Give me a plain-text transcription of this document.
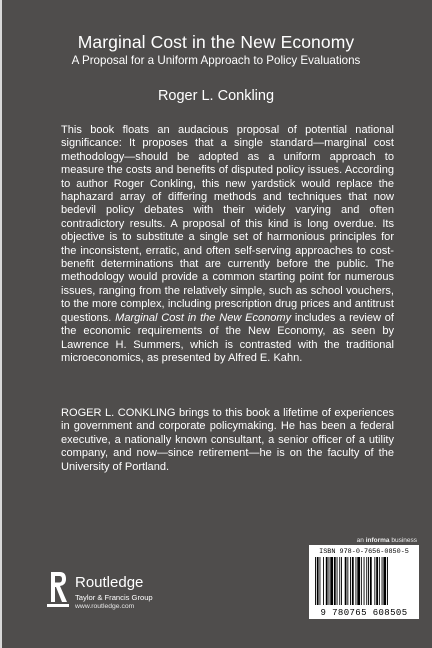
Marginal Cost in the New Economy
A Proposal for a Uniform Approach to Policy Evaluations
Roger L. Conkling
This book floats an audacious proposal of potential national significance: It proposes that a single standard—marginal cost methodology—should be adopted as a uniform approach to measure the costs and benefits of disputed policy issues. According to author Roger Conkling, this new yardstick would replace the haphazard array of differing methods and techniques that now bedevil policy debates with their widely varying and often contradictory results. A proposal of this kind is long overdue. Its objective is to substitute a single set of harmonious principles for the inconsistent, erratic, and often self-serving approaches to cost-benefit determinations that are currently before the public. The methodology would provide a common starting point for numerous issues, ranging from the relatively simple, such as school vouchers, to the more complex, including prescription drug prices and antitrust questions. Marginal Cost in the New Economy includes a review of the economic requirements of the New Economy, as seen by Lawrence H. Summers, which is contrasted with the traditional microeconomics, as presented by Alfred E. Kahn.
ROGER L. CONKLING brings to this book a lifetime of experiences in government and corporate policymaking. He has been a federal executive, a nationally known consultant, a senior officer of a utility company, and now—since retirement—he is on the faculty of the University of Portland.
Routledge
Taylor & Francis Group
www.routledge.com
an informa business
ISBN 978-0-7656-0850-5
9 780765 608505
